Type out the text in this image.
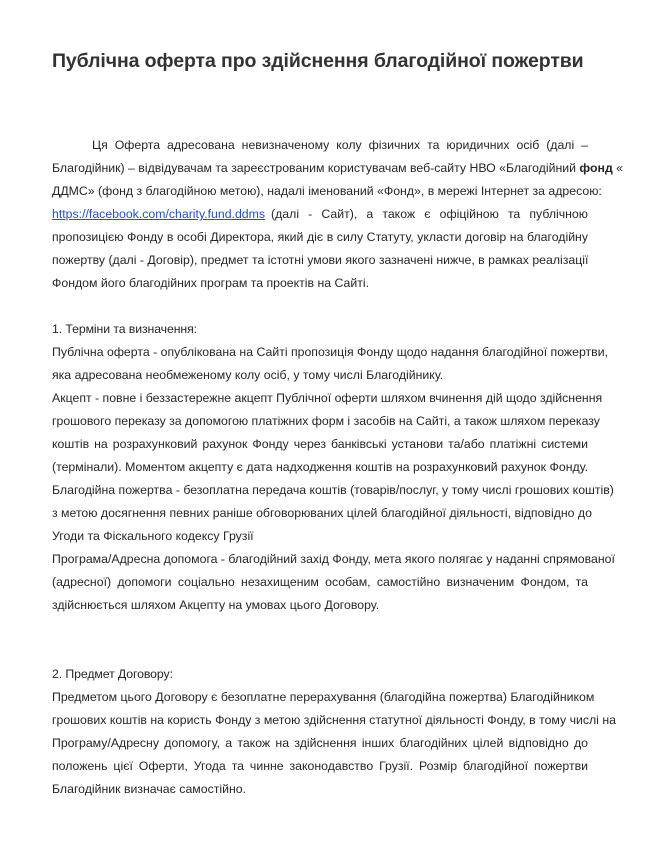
Публічна оферта про здійснення благодійної пожертви
Ця Оферта адресована невизначеному колу фізичних та юридичних осіб (далі –
Благодійник) – відвідувачам та зареєстрованим користувачам веб-сайту НВО «Благодійний фонд «
ДДМС» (фонд з благодійною метою), надалі іменований «Фонд», в мережі Інтернет за адресою:
https://facebook.com/charity.fund.ddms (далі - Сайт), а також є офіційною та публічною
пропозицією Фонду в особі Директора, який діє в силу Статуту, укласти договір на благодійну
пожертву (далі - Договір), предмет та істотні умови якого зазначені нижче, в рамках реалізації
Фондом його благодійних програм та проектів на Сайті.
1. Терміни та визначення:
Публічна оферта - опублікована на Сайті пропозиція Фонду щодо надання благодійної пожертви,
яка адресована необмеженому колу осіб, у тому числі Благодійнику.
Акцепт - повне і беззастережне акцепт Публічної оферти шляхом вчинення дій щодо здійснення
грошового переказу за допомогою платіжних форм і засобів на Сайті, а також шляхом переказу
коштів на розрахунковий рахунок Фонду через банківські установи та/або платіжні системи
(термінали). Моментом акцепту є дата надходження коштів на розрахунковий рахунок Фонду.
Благодійна пожертва - безоплатна передача коштів (товарів/послуг, у тому числі грошових коштів)
з метою досягнення певних раніше обговорюваних цілей благодійної діяльності, відповідно до
Угоди та Фіскального кодексу Грузії
Програма/Адресна допомога - благодійний захід Фонду, мета якого полягає у наданні спрямованої
(адресної) допомоги соціально незахищеним особам, самостійно визначеним Фондом, та
здійснюється шляхом Акцепту на умовах цього Договору.
2. Предмет Договору:
Предметом цього Договору є безоплатне перерахування (благодійна пожертва) Благодійником
грошових коштів на користь Фонду з метою здійснення статутної діяльності Фонду, в тому числі на
Програму/Адресну допомогу, а також на здійснення інших благодійних цілей відповідно до
положень цієї Оферти, Угода та чинне законодавство Грузії. Розмір благодійної пожертви
Благодійник визначає самостійно.
